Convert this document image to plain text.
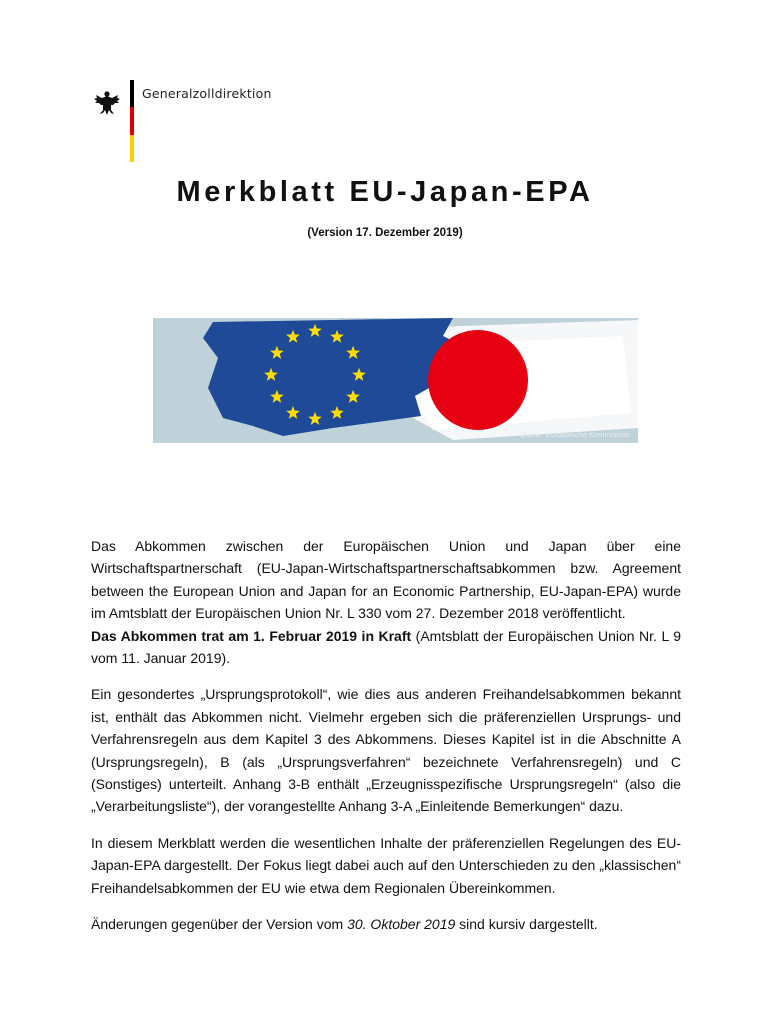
Generalzolldirektion
Merkblatt EU-Japan-EPA
(Version 17. Dezember 2019)
Quelle: Europäische Kommission

Das Abkommen zwischen der Europäischen Union und Japan über eine Wirtschaftspartnerschaft (EU-Japan-Wirtschaftspartnerschaftsabkommen bzw. Agreement between the European Union and Japan for an Economic Partnership, EU-Japan-EPA) wurde im Amtsblatt der Europäischen Union Nr. L 330 vom 27. Dezember 2018 veröffentlicht.

Das Abkommen trat am 1. Februar 2019 in Kraft (Amtsblatt der Europäischen Union Nr. L 9 vom 11. Januar 2019).

Ein gesondertes „Ursprungsprotokoll“, wie dies aus anderen Freihandelsabkommen bekannt ist, enthält das Abkommen nicht. Vielmehr ergeben sich die präferenziellen Ursprungs- und Verfahrensregeln aus dem Kapitel 3 des Abkommens. Dieses Kapitel ist in die Abschnitte A (Ursprungsregeln), B (als „Ursprungsverfahren“ bezeichnete Verfahrensregeln) und C (Sonstiges) unterteilt. Anhang 3-B enthält „Erzeugnisspezifische Ursprungsregeln“ (also die „Verarbeitungsliste“), der vorangestellte Anhang 3-A „Einleitende Bemerkungen“ dazu.

In diesem Merkblatt werden die wesentlichen Inhalte der präferenziellen Regelungen des EU-Japan-EPA dargestellt. Der Fokus liegt dabei auch auf den Unterschieden zu den „klassischen“ Freihandelsabkommen der EU wie etwa dem Regionalen Übereinkommen.

Änderungen gegenüber der Version vom 30. Oktober 2019 sind kursiv dargestellt.
